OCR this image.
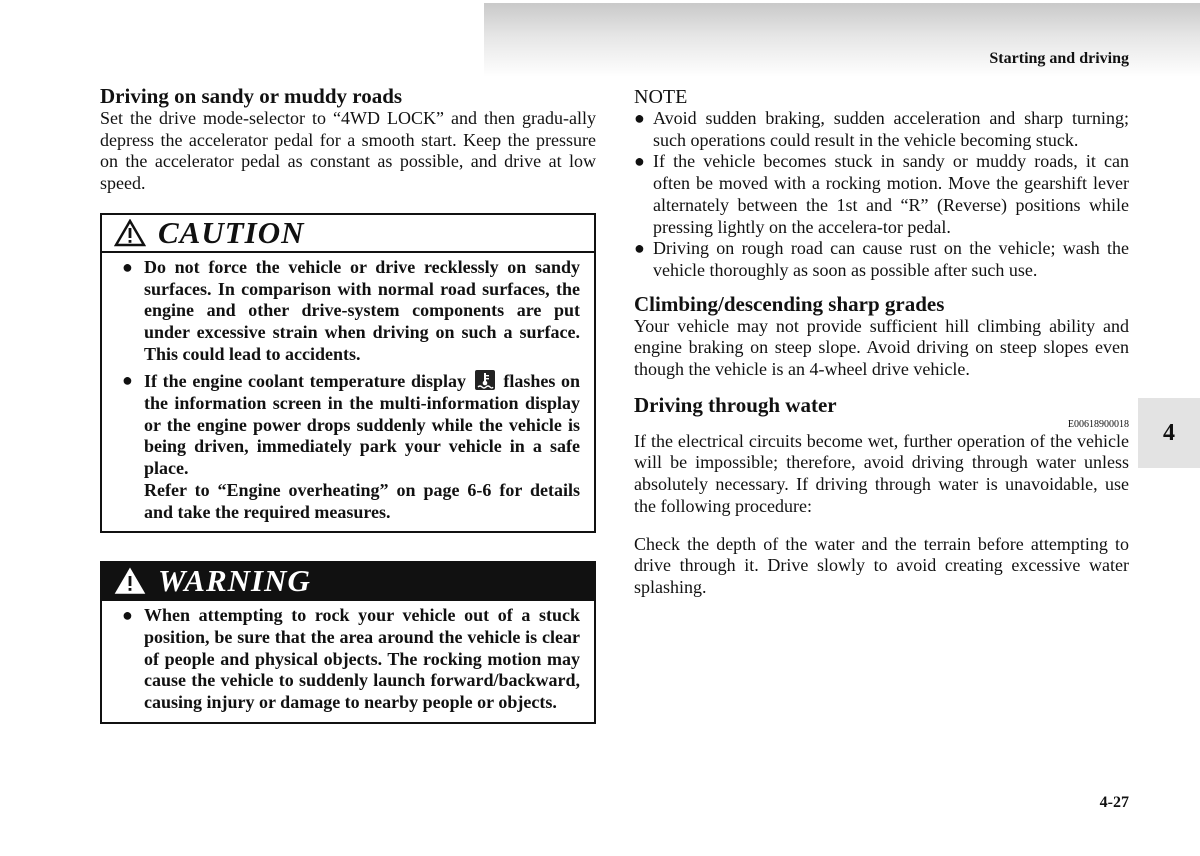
Starting and driving
4
4-27
Driving on sandy or muddy roads

Set the drive mode-selector to “4WD LOCK” and then gradu-ally depress the accelerator pedal for a smooth start. Keep the pressure on the accelerator pedal as constant as possible, and drive at low speed.

CAUTION
● Do not force the vehicle or drive recklessly on sandy surfaces. In comparison with normal road surfaces, the engine and other drive-system components are put under excessive strain when driving on such a surface. This could lead to accidents.
● If the engine coolant temperature display flashes on the information screen in the multi-information display or the engine power drops suddenly while the vehicle is being driven, immediately park your vehicle in a safe place.
Refer to “Engine overheating” on page 6-6 for details and take the required measures.
WARNING
● When attempting to rock your vehicle out of a stuck position, be sure that the area around the vehicle is clear of people and physical objects. The rocking motion may cause the vehicle to suddenly launch forward/backward, causing injury or damage to nearby people or objects.
NOTE
● Avoid sudden braking, sudden acceleration and sharp turning; such operations could result in the vehicle becoming stuck.
● If the vehicle becomes stuck in sandy or muddy roads, it can often be moved with a rocking motion. Move the gearshift lever alternately between the 1st and “R” (Reverse) positions while pressing lightly on the accelera-tor pedal.
● Driving on rough road can cause rust on the vehicle; wash the vehicle thoroughly as soon as possible after such use.
Climbing/descending sharp grades

Your vehicle may not provide sufficient hill climbing ability and engine braking on steep slope. Avoid driving on steep slopes even though the vehicle is an 4-wheel drive vehicle.

Driving through water
E00618900018

If the electrical circuits become wet, further operation of the vehicle will be impossible; therefore, avoid driving through water unless absolutely necessary. If driving through water is unavoidable, use the following procedure:

Check the depth of the water and the terrain before attempting to drive through it. Drive slowly to avoid creating excessive water splashing.
